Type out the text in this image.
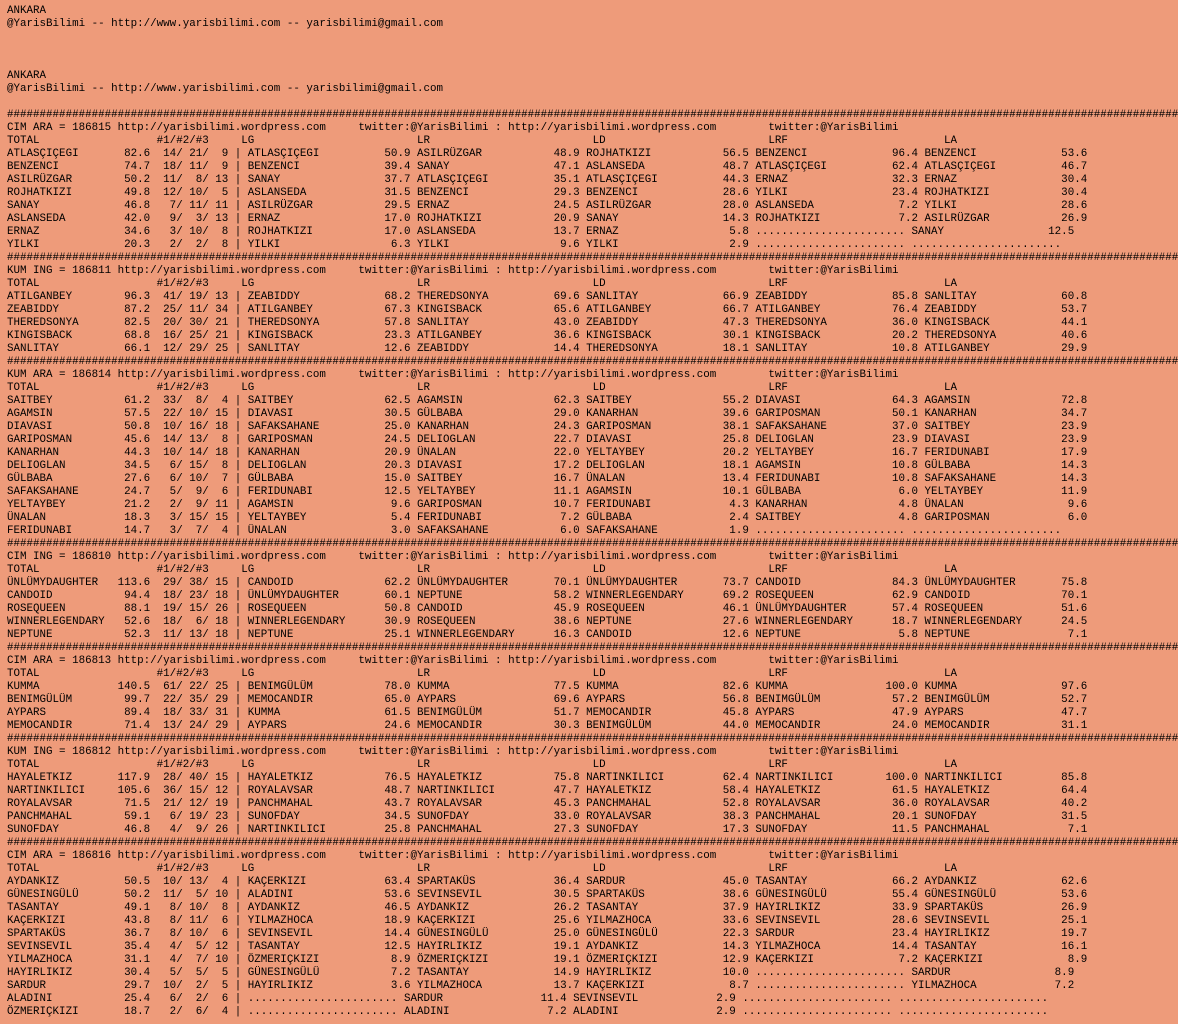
ANKARA
@YarisBilimi -- http://www.yarisbilimi.com -- yarisbilimi@gmail.com
ANKARA
@YarisBilimi -- http://www.yarisbilimi.com -- yarisbilimi@gmail.com
####################################################################################################################################################################################
CIM ARA = 186815 http://yarisbilimi.wordpress.com     twitter:@YarisBilimi : http://yarisbilimi.wordpress.com        twitter:@YarisBilimi
TOTAL                  #1/#2/#3     LG                         LR                         LD                         LRF                        LA
ATLASÇIÇEGI       82.6  14/ 21/  9 | ATLASÇIÇEGI          50.9 ASILRÜZGAR           48.9 ROJHATKIZI           56.5 BENZENCI             96.4 BENZENCI             53.6
BENZENCI          74.7  18/ 11/  9 | BENZENCI             39.4 SANAY                47.1 ASLANSEDA            48.7 ATLASÇIÇEGI          62.4 ATLASÇIÇEGI          46.7
ASILRÜZGAR        50.2  11/  8/ 13 | SANAY                37.7 ATLASÇIÇEGI          35.1 ATLASÇIÇEGI          44.3 ERNAZ                32.3 ERNAZ                30.4
ROJHATKIZI        49.8  12/ 10/  5 | ASLANSEDA            31.5 BENZENCI             29.3 BENZENCI             28.6 YILKI                23.4 ROJHATKIZI           30.4
SANAY             46.8   7/ 11/ 11 | ASILRÜZGAR           29.5 ERNAZ                24.5 ASILRÜZGAR           28.0 ASLANSEDA             7.2 YILKI                28.6
ASLANSEDA         42.0   9/  3/ 13 | ERNAZ                17.0 ROJHATKIZI           20.9 SANAY                14.3 ROJHATKIZI            7.2 ASILRÜZGAR           26.9
ERNAZ             34.6   3/ 10/  8 | ROJHATKIZI           17.0 ASLANSEDA            13.7 ERNAZ                 5.8 ....................... SANAY                12.5
YILKI             20.3   2/  2/  8 | YILKI                 6.3 YILKI                 9.6 YILKI                 2.9 ....................... .......................
####################################################################################################################################################################################
KUM ING = 186811 http://yarisbilimi.wordpress.com     twitter:@YarisBilimi : http://yarisbilimi.wordpress.com        twitter:@YarisBilimi
TOTAL                  #1/#2/#3     LG                         LR                         LD                         LRF                        LA
ATILGANBEY        96.3  41/ 19/ 13 | ZEABIDDY             68.2 THEREDSONYA          69.6 SANLITAY             66.9 ZEABIDDY             85.8 SANLITAY             60.8
ZEABIDDY          87.2  25/ 11/ 34 | ATILGANBEY           67.3 KINGISBACK           65.6 ATILGANBEY           66.7 ATILGANBEY           76.4 ZEABIDDY             53.7
THEREDSONYA       82.5  20/ 30/ 21 | THEREDSONYA          57.8 SANLITAY             43.0 ZEABIDDY             47.3 THEREDSONYA          36.0 KINGISBACK           44.1
KINGISBACK        68.8  16/ 25/ 21 | KINGISBACK           23.3 ATILGANBEY           36.6 KINGISBACK           30.1 KINGISBACK           20.2 THEREDSONYA          40.6
SANLITAY          66.1  12/ 29/ 25 | SANLITAY             12.6 ZEABIDDY             14.4 THEREDSONYA          18.1 SANLITAY             10.8 ATILGANBEY           29.9
####################################################################################################################################################################################
KUM ARA = 186814 http://yarisbilimi.wordpress.com     twitter:@YarisBilimi : http://yarisbilimi.wordpress.com        twitter:@YarisBilimi
TOTAL                  #1/#2/#3     LG                         LR                         LD                         LRF                        LA
SAITBEY           61.2  33/  8/  4 | SAITBEY              62.5 AGAMSIN              62.3 SAITBEY              55.2 DIAVASI              64.3 AGAMSIN              72.8
AGAMSIN           57.5  22/ 10/ 15 | DIAVASI              30.5 GÜLBABA              29.0 KANARHAN             39.6 GARIPOSMAN           50.1 KANARHAN             34.7
DIAVASI           50.8  10/ 16/ 18 | SAFAKSAHANE          25.0 KANARHAN             24.3 GARIPOSMAN           38.1 SAFAKSAHANE          37.0 SAITBEY              23.9
GARIPOSMAN        45.6  14/ 13/  8 | GARIPOSMAN           24.5 DELIOGLAN            22.7 DIAVASI              25.8 DELIOGLAN            23.9 DIAVASI              23.9
KANARHAN          44.3  10/ 14/ 18 | KANARHAN             20.9 ÜNALAN               22.0 YELTAYBEY            20.2 YELTAYBEY            16.7 FERIDUNABI           17.9
DELIOGLAN         34.5   6/ 15/  8 | DELIOGLAN            20.3 DIAVASI              17.2 DELIOGLAN            18.1 AGAMSIN              10.8 GÜLBABA              14.3
GÜLBABA           27.6   6/ 10/  7 | GÜLBABA              15.0 SAITBEY              16.7 ÜNALAN               13.4 FERIDUNABI           10.8 SAFAKSAHANE          14.3
SAFAKSAHANE       24.7   5/  9/  6 | FERIDUNABI           12.5 YELTAYBEY            11.1 AGAMSIN              10.1 GÜLBABA               6.0 YELTAYBEY            11.9
YELTAYBEY         21.2   2/  9/ 11 | AGAMSIN               9.6 GARIPOSMAN           10.7 FERIDUNABI            4.3 KANARHAN              4.8 ÜNALAN                9.6
ÜNALAN            18.3   3/ 15/ 15 | YELTAYBEY             5.4 FERIDUNABI            7.2 GÜLBABA               2.4 SAITBEY               4.8 GARIPOSMAN            6.0
FERIDUNABI        14.7   3/  7/  4 | ÜNALAN                3.0 SAFAKSAHANE           6.0 SAFAKSAHANE           1.9 ....................... .......................
####################################################################################################################################################################################
CIM ING = 186810 http://yarisbilimi.wordpress.com     twitter:@YarisBilimi : http://yarisbilimi.wordpress.com        twitter:@YarisBilimi
TOTAL                  #1/#2/#3     LG                         LR                         LD                         LRF                        LA
ÜNLÜMYDAUGHTER   113.6  29/ 38/ 15 | CANDOID              62.2 ÜNLÜMYDAUGHTER       70.1 ÜNLÜMYDAUGHTER       73.7 CANDOID              84.3 ÜNLÜMYDAUGHTER       75.8
CANDOID           94.4  18/ 23/ 18 | ÜNLÜMYDAUGHTER       60.1 NEPTUNE              58.2 WINNERLEGENDARY      69.2 ROSEQUEEN            62.9 CANDOID              70.1
ROSEQUEEN         88.1  19/ 15/ 26 | ROSEQUEEN            50.8 CANDOID              45.9 ROSEQUEEN            46.1 ÜNLÜMYDAUGHTER       57.4 ROSEQUEEN            51.6
WINNERLEGENDARY   52.6  18/  6/ 18 | WINNERLEGENDARY      30.9 ROSEQUEEN            38.6 NEPTUNE              27.6 WINNERLEGENDARY      18.7 WINNERLEGENDARY      24.5
NEPTUNE           52.3  11/ 13/ 18 | NEPTUNE              25.1 WINNERLEGENDARY      16.3 CANDOID              12.6 NEPTUNE               5.8 NEPTUNE               7.1
####################################################################################################################################################################################
CIM ARA = 186813 http://yarisbilimi.wordpress.com     twitter:@YarisBilimi : http://yarisbilimi.wordpress.com        twitter:@YarisBilimi
TOTAL                  #1/#2/#3     LG                         LR                         LD                         LRF                        LA
KUMMA            140.5  61/ 22/ 25 | BENIMGÜLÜM           78.0 KUMMA                77.5 KUMMA                82.6 KUMMA               100.0 KUMMA                97.6
BENIMGÜLÜM        99.7  22/ 35/ 29 | MEMOCANDIR           65.0 AYPARS               69.6 AYPARS               56.8 BENIMGÜLÜM           57.2 BENIMGÜLÜM           52.7
AYPARS            89.4  18/ 33/ 31 | KUMMA                61.5 BENIMGÜLÜM           51.7 MEMOCANDIR           45.8 AYPARS               47.9 AYPARS               47.7
MEMOCANDIR        71.4  13/ 24/ 29 | AYPARS               24.6 MEMOCANDIR           30.3 BENIMGÜLÜM           44.0 MEMOCANDIR           24.0 MEMOCANDIR           31.1
####################################################################################################################################################################################
KUM ING = 186812 http://yarisbilimi.wordpress.com     twitter:@YarisBilimi : http://yarisbilimi.wordpress.com        twitter:@YarisBilimi
TOTAL                  #1/#2/#3     LG                         LR                         LD                         LRF                        LA
HAYALETKIZ       117.9  28/ 40/ 15 | HAYALETKIZ           76.5 HAYALETKIZ           75.8 NARTINKILICI         62.4 NARTINKILICI        100.0 NARTINKILICI         85.8
NARTINKILICI     105.6  36/ 15/ 12 | ROYALAVSAR           48.7 NARTINKILICI         47.7 HAYALETKIZ           58.4 HAYALETKIZ           61.5 HAYALETKIZ           64.4
ROYALAVSAR        71.5  21/ 12/ 19 | PANCHMAHAL           43.7 ROYALAVSAR           45.3 PANCHMAHAL           52.8 ROYALAVSAR           36.0 ROYALAVSAR           40.2
PANCHMAHAL        59.1   6/ 19/ 23 | SUNOFDAY             34.5 SUNOFDAY             33.0 ROYALAVSAR           38.3 PANCHMAHAL           20.1 SUNOFDAY             31.5
SUNOFDAY          46.8   4/  9/ 26 | NARTINKILICI         25.8 PANCHMAHAL           27.3 SUNOFDAY             17.3 SUNOFDAY             11.5 PANCHMAHAL            7.1
####################################################################################################################################################################################
CIM ARA = 186816 http://yarisbilimi.wordpress.com     twitter:@YarisBilimi : http://yarisbilimi.wordpress.com        twitter:@YarisBilimi
TOTAL                  #1/#2/#3     LG                         LR                         LD                         LRF                        LA
AYDANKIZ          50.5  10/ 13/  4 | KAÇERKIZI            63.4 SPARTAKÜS            36.4 SARDUR               45.0 TASANTAY             66.2 AYDANKIZ             62.6
GÜNESINGÜLÜ       50.2  11/  5/ 10 | ALADINI              53.6 SEVINSEVIL           30.5 SPARTAKÜS            38.6 GÜNESINGÜLÜ          55.4 GÜNESINGÜLÜ          53.6
TASANTAY          49.1   8/ 10/  8 | AYDANKIZ             46.5 AYDANKIZ             26.2 TASANTAY             37.9 HAYIRLIKIZ           33.9 SPARTAKÜS            26.9
KAÇERKIZI         43.8   8/ 11/  6 | YILMAZHOCA           18.9 KAÇERKIZI            25.6 YILMAZHOCA           33.6 SEVINSEVIL           28.6 SEVINSEVIL           25.1
SPARTAKÜS         36.7   8/ 10/  6 | SEVINSEVIL           14.4 GÜNESINGÜLÜ          25.0 GÜNESINGÜLÜ          22.3 SARDUR               23.4 HAYIRLIKIZ           19.7
SEVINSEVIL        35.4   4/  5/ 12 | TASANTAY             12.5 HAYIRLIKIZ           19.1 AYDANKIZ             14.3 YILMAZHOCA           14.4 TASANTAY             16.1
YILMAZHOCA        31.1   4/  7/ 10 | ÖZMERIÇKIZI           8.9 ÖZMERIÇKIZI          19.1 ÖZMERIÇKIZI          12.9 KAÇERKIZI             7.2 KAÇERKIZI             8.9
HAYIRLIKIZ        30.4   5/  5/  5 | GÜNESINGÜLÜ           7.2 TASANTAY             14.9 HAYIRLIKIZ           10.0 ....................... SARDUR                8.9
SARDUR            29.7  10/  2/  5 | HAYIRLIKIZ            3.6 YILMAZHOCA           13.7 KAÇERKIZI             8.7 ....................... YILMAZHOCA            7.2
ALADINI           25.4   6/  2/  6 | ....................... SARDUR               11.4 SEVINSEVIL            2.9 ....................... .......................
ÖZMERIÇKIZI       18.7   2/  6/  4 | ....................... ALADINI               7.2 ALADINI               2.9 ....................... .......................
